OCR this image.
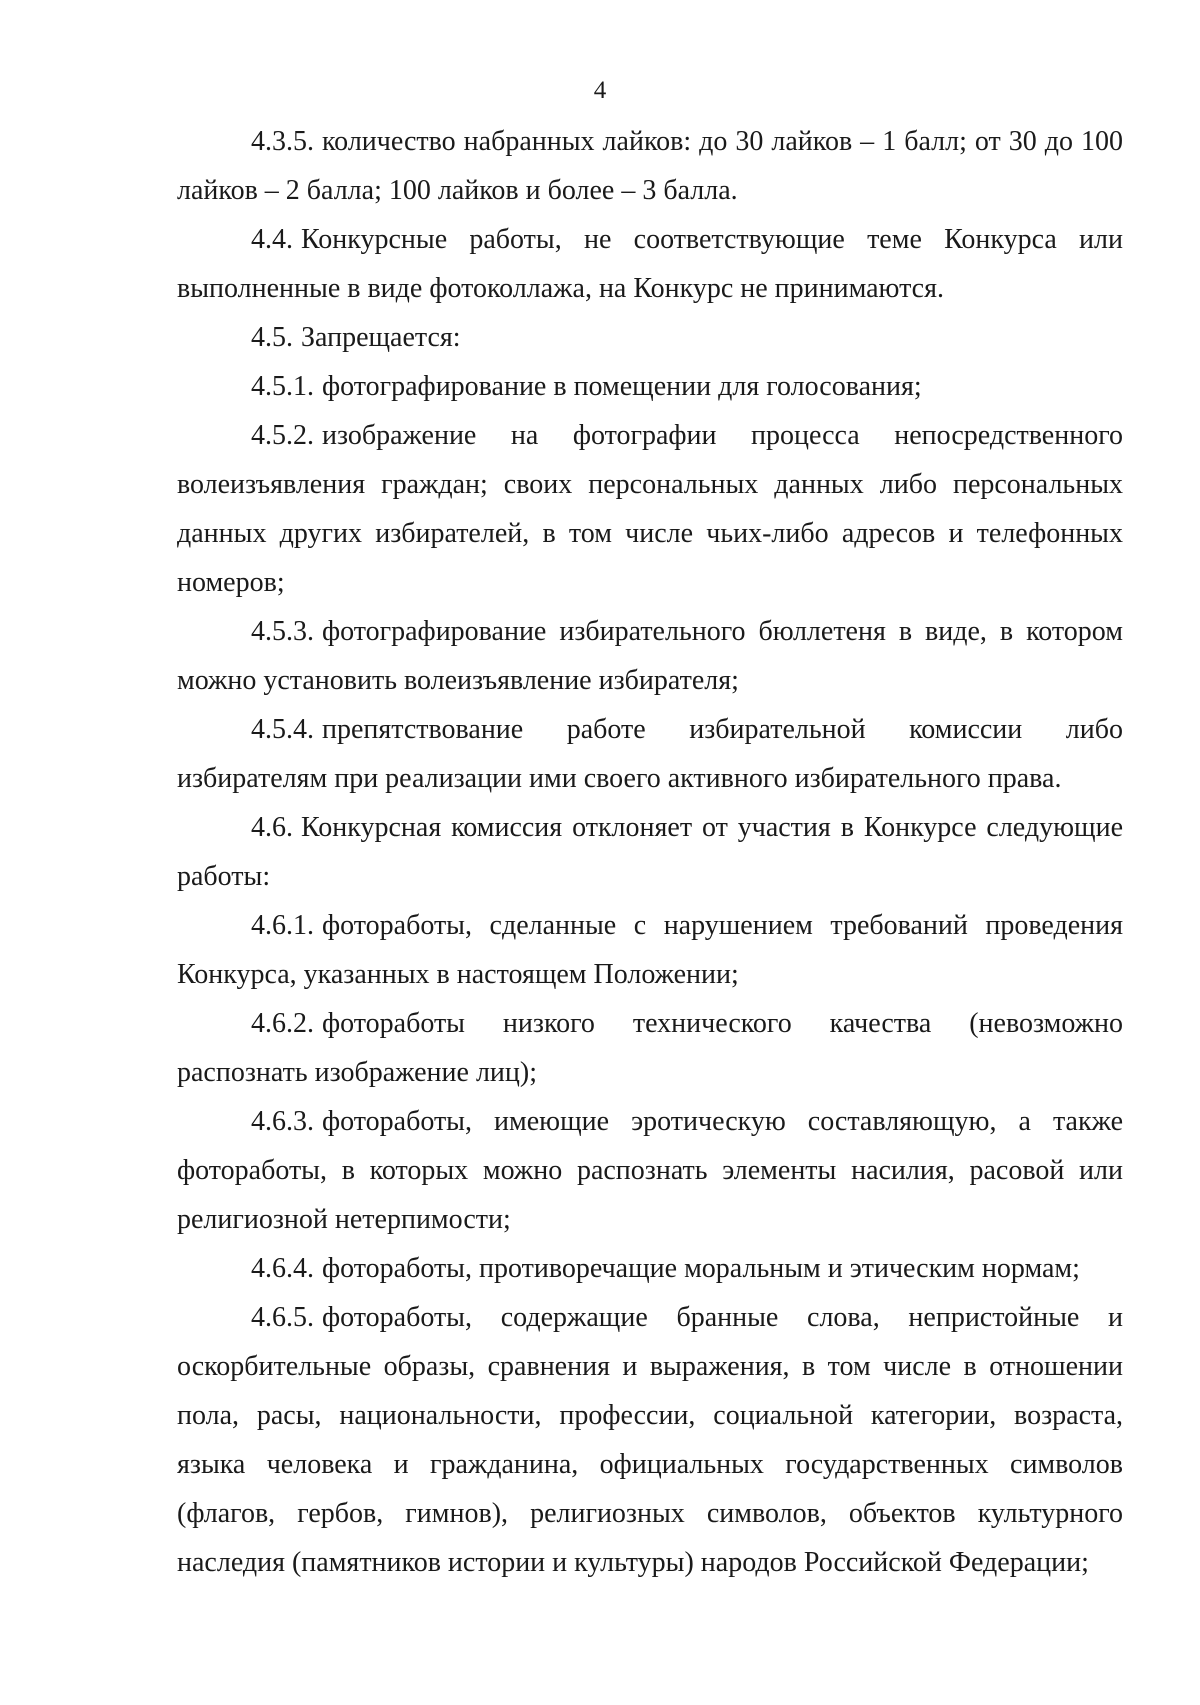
4

4.3.5. количество набранных лайков: до 30 лайков – 1 балл; от 30 до 100 лайков – 2 балла; 100 лайков и более – 3 балла.

4.4. Конкурсные работы, не соответствующие теме Конкурса или выполненные в виде фотоколлажа, на Конкурс не принимаются.

4.5. Запрещается:

4.5.1. фотографирование в помещении для голосования;

4.5.2. изображение на фотографии процесса непосредственного волеизъявления граждан; своих персональных данных либо персональных данных других избирателей, в том числе чьих-либо адресов и телефонных номеров;

4.5.3. фотографирование избирательного бюллетеня в виде, в котором можно установить волеизъявление избирателя;

4.5.4. препятствование работе избирательной комиссии либо избирателям при реализации ими своего активного избирательного права.

4.6. Конкурсная комиссия отклоняет от участия в Конкурсе следующие работы:

4.6.1. фотоработы, сделанные с нарушением требований проведения Конкурса, указанных в настоящем Положении;

4.6.2. фотоработы низкого технического качества (невозможно распознать изображение лиц);

4.6.3. фотоработы, имеющие эротическую составляющую, а также фотоработы, в которых можно распознать элементы насилия, расовой или религиозной нетерпимости;

4.6.4. фотоработы, противоречащие моральным и этическим нормам;

4.6.5. фотоработы, содержащие бранные слова, непристойные и оскорбительные образы, сравнения и выражения, в том числе в отношении пола, расы, национальности, профессии, социальной категории, возраста, языка человека и гражданина, официальных государственных символов (флагов, гербов, гимнов), религиозных символов, объектов культурного наследия (памятников истории и культуры) народов Российской Федерации;
